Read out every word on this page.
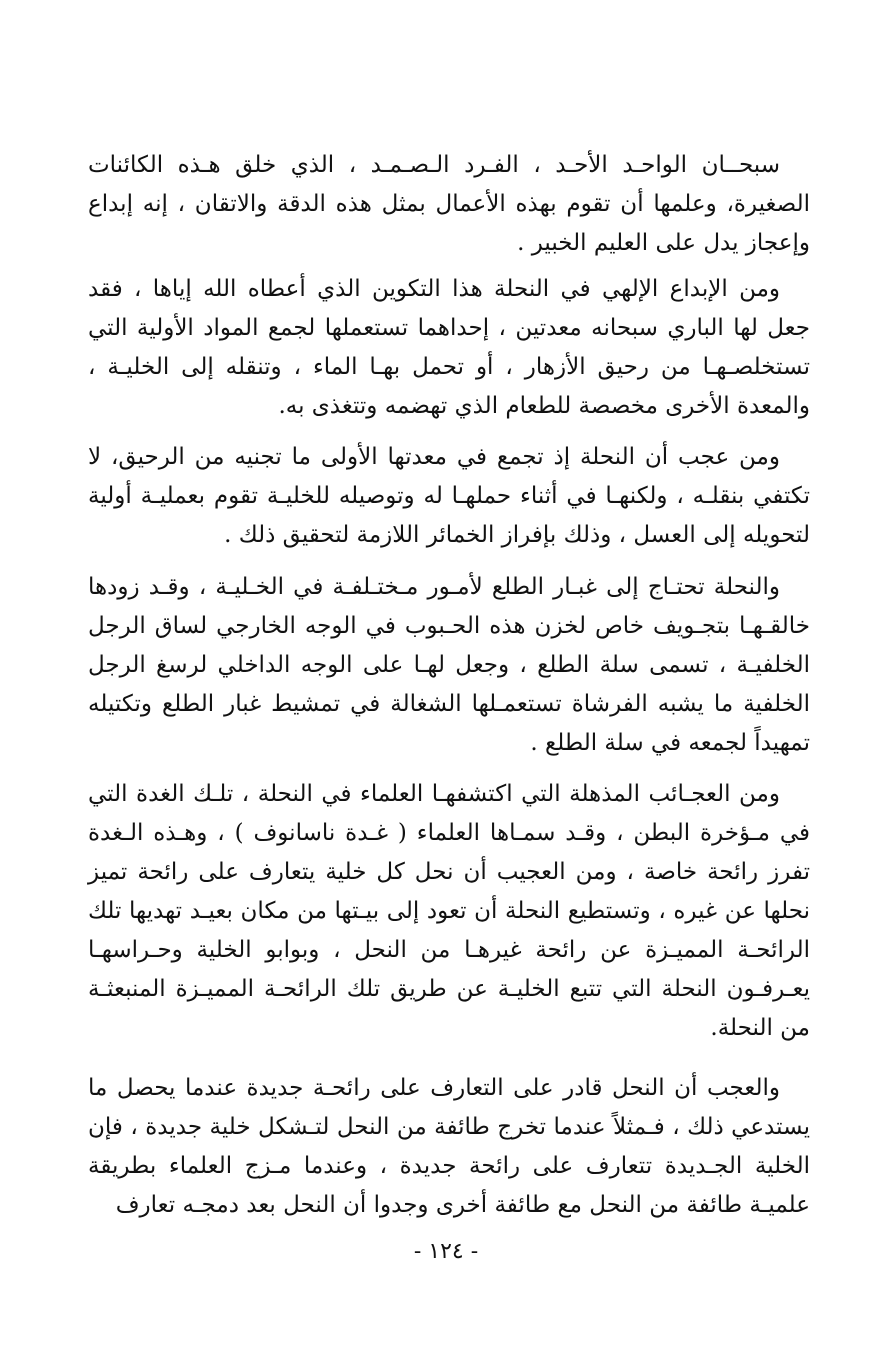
سبحــان الواحـد الأحـد ، الفـرد الـصـمـد ، الذي خلق هـذه الكائنات الصغيرة، وعلمها أن تقوم بهذه الأعمال بمثل هذه الدقة والاتقان ، إنه إبداع وإعجاز يدل على العليم الخبير .

ومن الإبداع الإلهي في النحلة هذا التكوين الذي أعطاه الله إياها ، فقد جعل لها الباري سبحانه معدتين ، إحداهما تستعملها لجمع المواد الأولية التي تستخلصـهـا من رحيق الأزهار ، أو تحمل بهـا الماء ، وتنقله إلى الخليـة ، والمعدة الأخرى مخصصة للطعام الذي تهضمه وتتغذى به.

ومن عجب أن النحلة إذ تجمع في معدتها الأولى ما تجنيه من الرحيق، لا تكتفي بنقلـه ، ولكنهـا في أثناء حملهـا له وتوصيله للخليـة تقوم بعمليـة أولية لتحويله إلى العسل ، وذلك بإفراز الخمائر اللازمة لتحقيق ذلك .

والنحلة تحتـاج إلى غبـار الطلع لأمـور مـختـلفـة في الخـليـة ، وقـد زودها خالقـهـا بتجـويف خاص لخزن هذه الحـبوب في الوجه الخارجي لساق الرجل الخلفيـة ، تسمى سلة الطلع ، وجعل لهـا على الوجه الداخلي لرسغ الرجل الخلفية ما يشبه الفرشاة تستعمـلها الشغالة في تمشيط غبار الطلع وتكتيله تمهيداً لجمعه في سلة الطلع .

ومن العجـائب المذهلة التي اكتشفهـا العلماء في النحلة ، تلـك الغدة التي في مـؤخرة البطن ، وقـد سمـاها العلماء ( غـدة ناسانوف ) ، وهـذه الـغدة تفرز رائحة خاصة ، ومن العجيب أن نحل كل خلية يتعارف على رائحة تميز نحلها عن غيره ، وتستطيع النحلة أن تعود إلى بيـتها من مكان بعيـد تهديها تلك الرائحـة المميـزة عن رائحة غيرهـا من النحل ، وبوابو الخلية وحـراسهـا يعـرفـون النحلة التي تتبع الخليـة عن طريق تلك الرائحـة المميـزة المنبعثـة من النحلة.

والعجب أن النحل قادر على التعارف على رائحـة جديدة عندما يحصل ما يستدعي ذلك ، فـمثلاً عندما تخرج طائفة من النحل لتـشكل خلية جديدة ، فإن الخلية الجـديدة تتعارف على رائحة جديدة ، وعندما مـزج العلماء بطريقة علميـة طائفة من النحل مع طائفة أخرى وجدوا أن النحل بعد دمجـه تعارف

- ١٢٤ -
